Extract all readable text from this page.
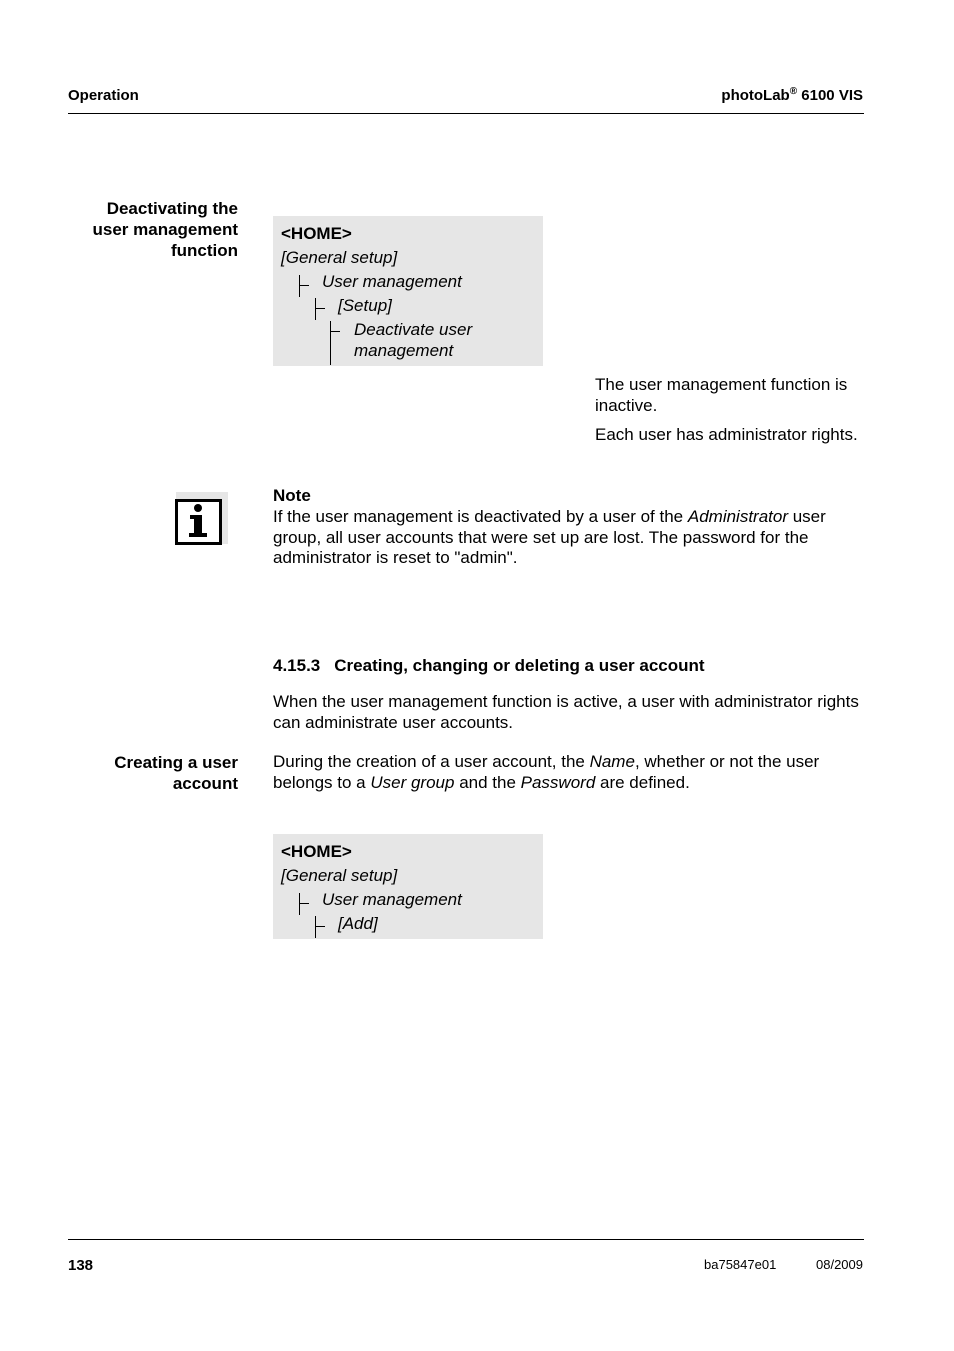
Operation	photoLab® 6100 VIS
Deactivating the
user management
function
<HOME>
[General setup]
User management
[Setup]
Deactivate user
management
The user management function is inactive.
Each user has administrator rights.
Note
If the user management is deactivated by a user of the Administrator user group, all user accounts that were set up are lost. The password for the administrator is reset to "admin".
4.15.3 Creating, changing or deleting a user account
When the user management function is active, a user with administrator rights can administrate user accounts.
Creating a user
account
During the creation of a user account, the Name, whether or not the user belongs to a User group and the Password are defined.
<HOME>
[General setup]
User management
[Add]
138	ba75847e01	08/2009
